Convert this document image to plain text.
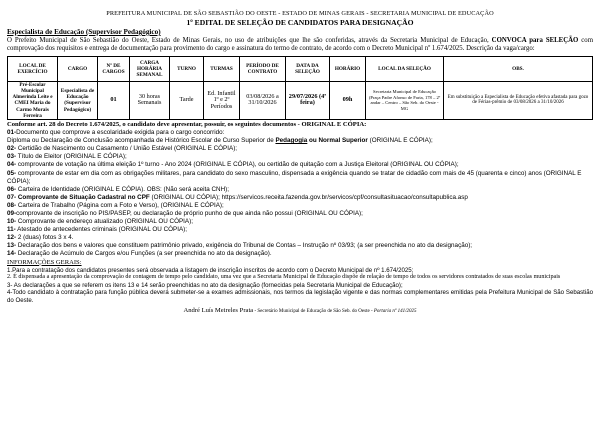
PREFEITURA MUNICIPAL DE SÃO SEBASTIÃO DO OESTE - ESTADO DE MINAS GERAIS - SECRETARIA MUNICIPAL DE EDUCAÇÃO
1º EDITAL DE SELEÇÃO DE CANDIDATOS PARA DESIGNAÇÃO
Especialista de Educação (Supervisor Pedagógico)
O Prefeito Municipal de São Sebastião do Oeste, Estado de Minas Gerais, no uso de atribuições que lhe são conferidas, através da Secretaria Municipal de Educação, CONVOCA para SELEÇÃO com comprovação dos requisitos e entrega de documentação para provimento do cargo e assinatura do termo de contrato, de acordo com o Decreto Municipal nº 1.674/2025. Descrição da vaga/cargo:
LOCAL DE EXERCÍCIO	CARGO	Nº DE CARGOS	CARGA HORÁRIA SEMANAL	TURNO	TURMAS	PERÍODO DE CONTRATO	DATA DA SELEÇÃO	HORÁRIO	LOCAL DA SELEÇÃO	OBS.
Pré-Escolar Municipal Almerinda Leite e CMEI Maria do Carmo Morais Ferreira	Especialista de Educação (Supervisor Pedagógico)	01	30 horas Semanais	Tarde	Ed. Infantil 1º e 2º Períodos	03/08/2026 a 31/10/2026	29/07/2026 (4ª feira)	09h	Secretaria Municipal de Educação (Praça Padre Afonso de Faria, 178 – 2º andar – Centro – São Seb. do Oeste - MG	Em substituição a Especialista de Educação efetiva afastada para gozo de Férias-prêmio de 03/08/2026 a 31/10/2026
Conforme art. 28 do Decreto 1.674/2025, o candidato deve apresentar, possuir, os seguintes documentos - ORIGINAL E CÓPIA:
01-Documento que comprove a escolaridade exigida para o cargo concorrido:
Diploma ou Declaração de Conclusão acompanhada de Histórico Escolar de Curso Superior de Pedagogia ou Normal Superior (ORIGINAL E CÓPIA);
02- Certidão de Nascimento ou Casamento / União Estável (ORIGINAL E CÓPIA);
03- Título de Eleitor (ORIGINAL E CÓPIA);
04- comprovante de votação na última eleição 1º turno - Ano 2024 (ORIGINAL E CÓPIA), ou certidão de quitação com a Justiça Eleitoral (ORIGINAL OU CÓPIA);
05- comprovante de estar em dia com as obrigações militares, para candidato do sexo masculino, dispensada a exigência quando se tratar de cidadão com mais de 45 (quarenta e cinco) anos (ORIGINAL E CÓPIA);
06- Carteira de Identidade (ORIGINAL E CÓPIA). OBS: (Não será aceita CNH);
07- Comprovante de Situação Cadastral no CPF (ORIGINAL OU CÓPIA); https://servicos.receita.fazenda.gov.br/servicos/cpf/consultasituacao/consultapublica.asp
08- Carteira de Trabalho (Página com a Foto e Verso), (ORIGINAL E CÓPIA);
09-comprovante de inscrição no PIS/PASEP, ou declaração de próprio punho de que ainda não possui (ORIGINAL OU CÓPIA);
10- Comprovante de endereço atualizado (ORIGINAL OU CÓPIA);
11- Atestado de antecedentes criminais (ORIGINAL OU CÓPIA);
12- 2 (duas) fotos 3 x 4.
13- Declaração dos bens e valores que constituem patrimônio privado, exigência do Tribunal de Contas – Instrução nº 03/93; (a ser preenchida no ato da designação);
14- Declaração de Acúmulo de Cargos e/ou Funções (a ser preenchida no ato da designação).
INFORMAÇÕES GERAIS:
1.Para a contratação dos candidatos presentes será observada a listagem de inscrição inscritos de acordo com o Decreto Municipal de nº 1.674/2025;
2. É dispensada a apresentação da comprovação de contagem de tempo pelo candidato, uma vez que a Secretaria Municipal de Educação dispõe de relação de tempo de todos os servidores contratados de suas escolas municipais
3- As declarações a que se referem os itens 13 e 14 serão preenchidas no ato da designação (fornecidas pela Secretaria Municipal de Educação);
4-Todo candidato à contratação para função pública deverá submeter-se a exames admissionais, nos termos da legislação vigente e das normas complementares emitidas pela Prefeitura Municipal de São Sebastião do Oeste.
André Luís Meireles Prata - Secretário Municipal de Educação de São Seb. do Oeste - Portaria nº 141/2025
